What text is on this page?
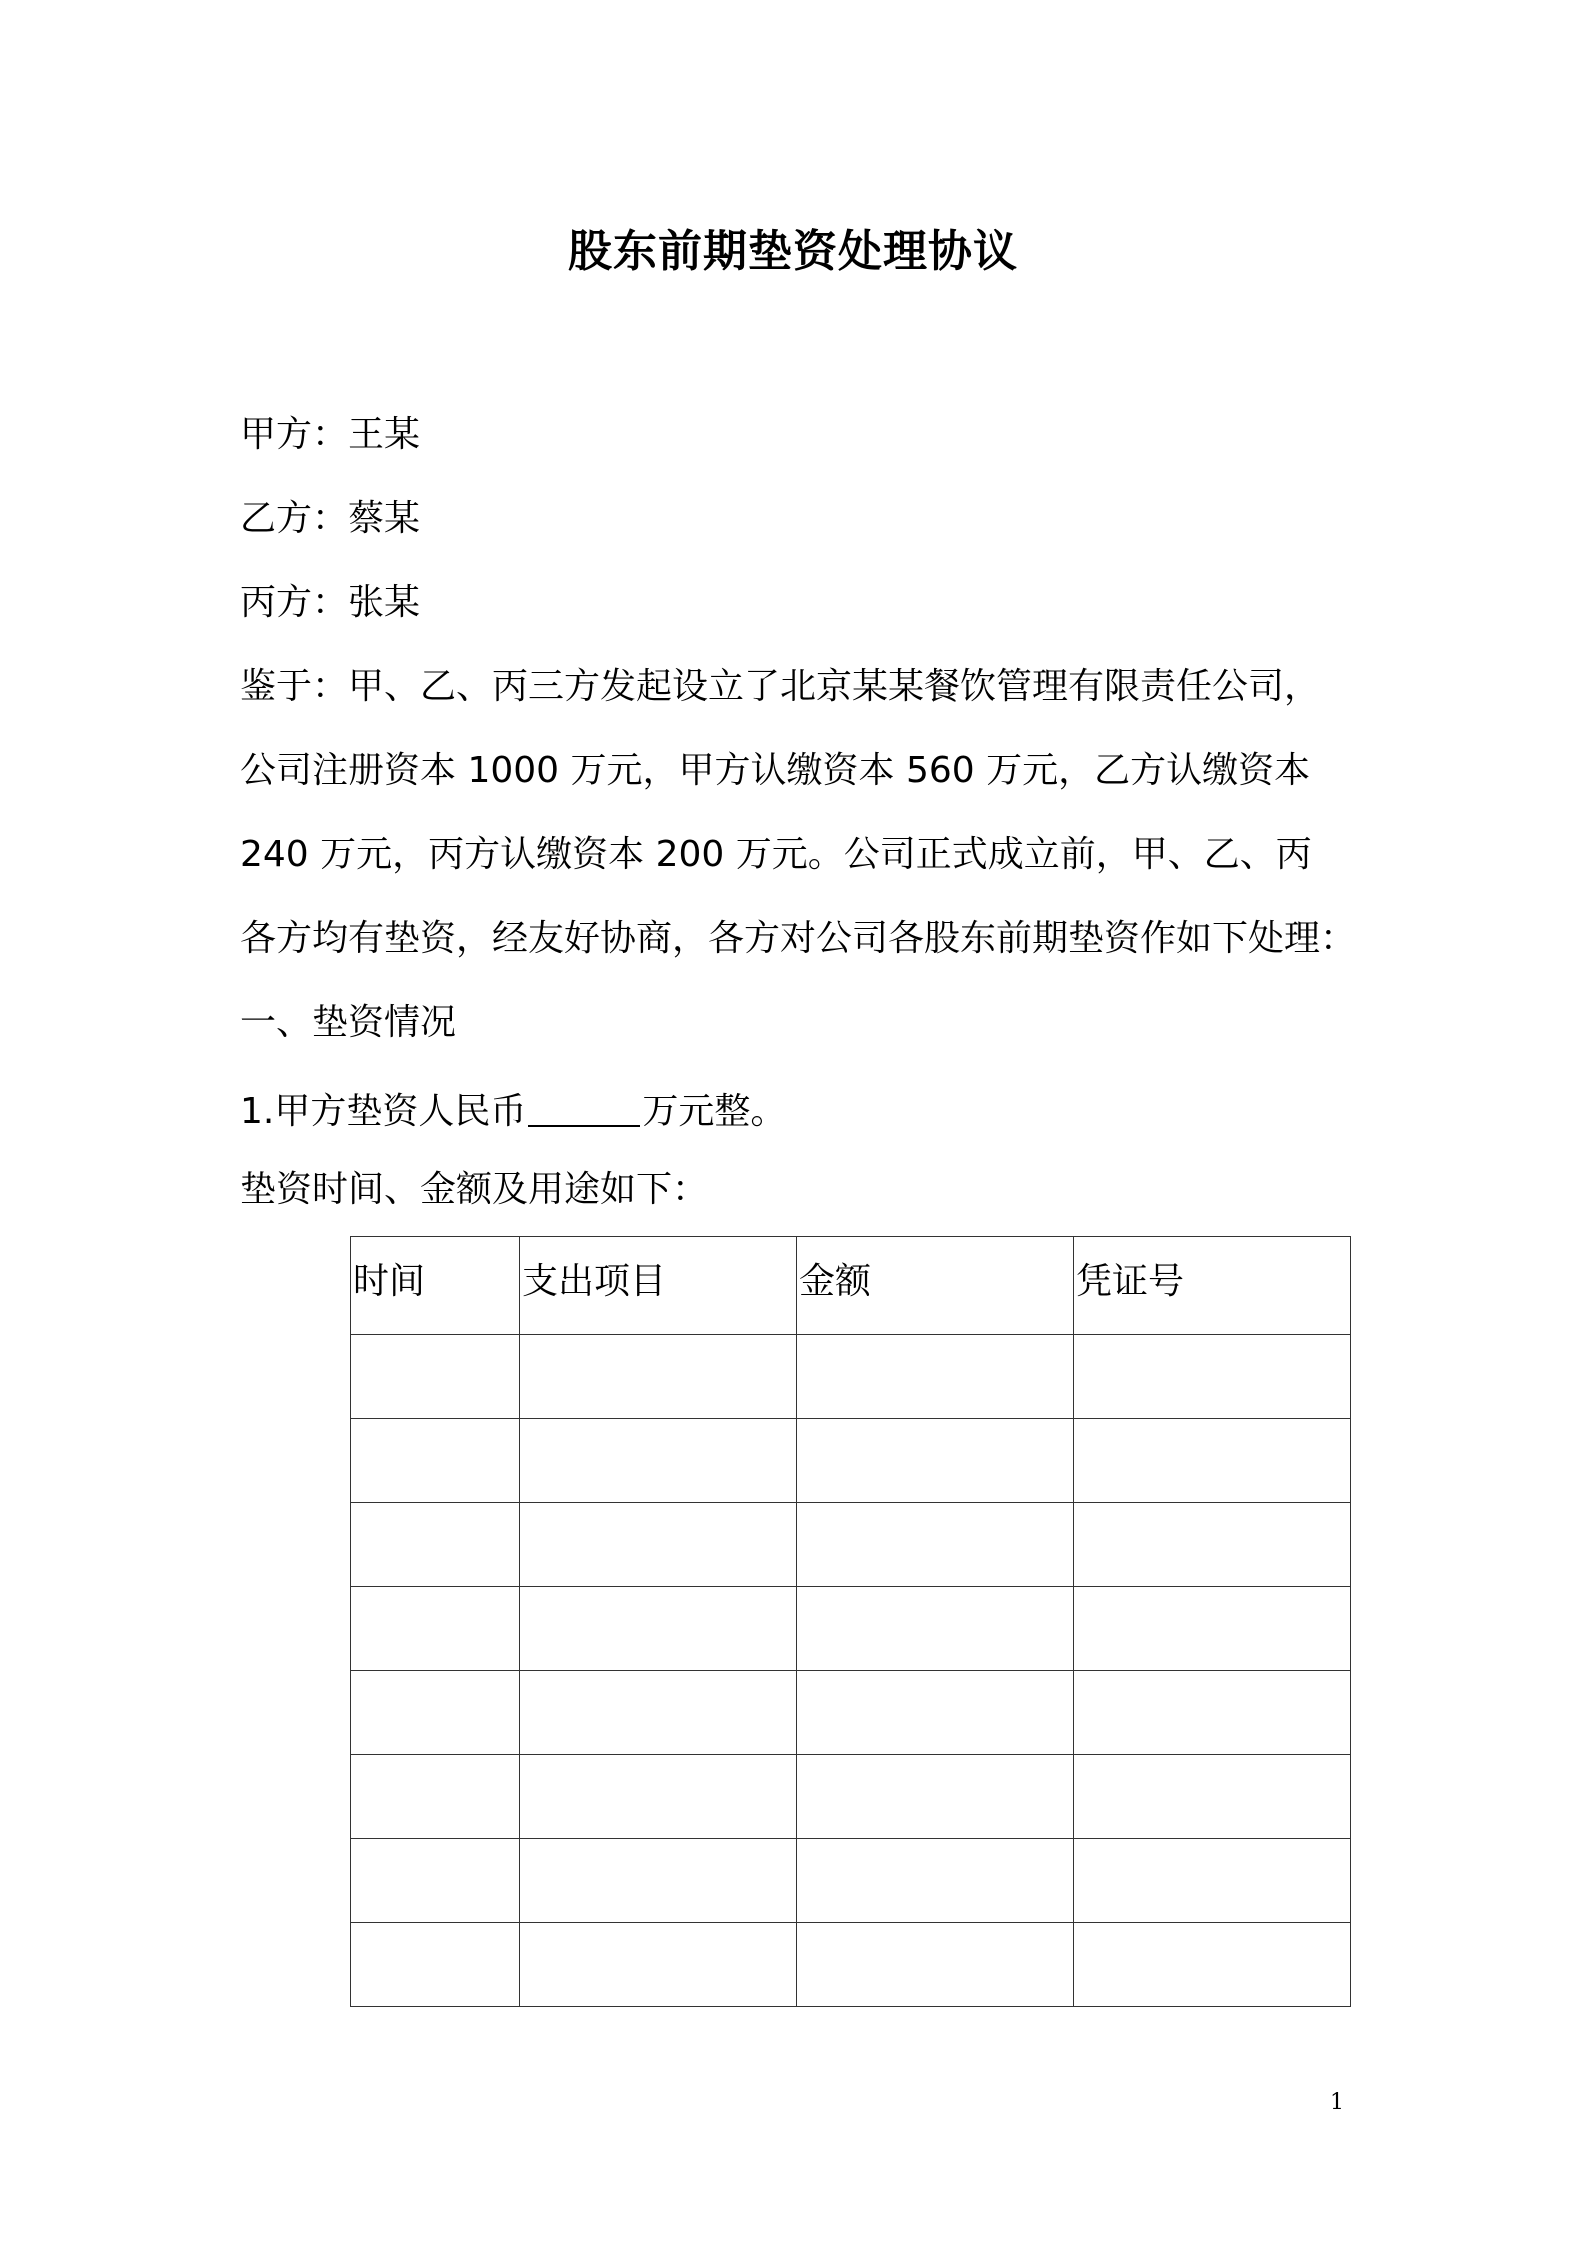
股东前期垫资处理协议
甲方：王某
乙方：蔡某
丙方：张某
鉴于：甲、乙、丙三方发起设立了北京某某餐饮管理有限责任公司，
公司注册资本 1000 万元，甲方认缴资本 560 万元，乙方认缴资本
240 万元，丙方认缴资本 200 万元。公司正式成立前，甲、乙、丙
各方均有垫资，经友好协商，各方对公司各股东前期垫资作如下处理：
一、垫资情况
1.甲方垫资人民币	万元整。
垫资时间、金额及用途如下：
时间	支出项目	金额	凭证号

1
